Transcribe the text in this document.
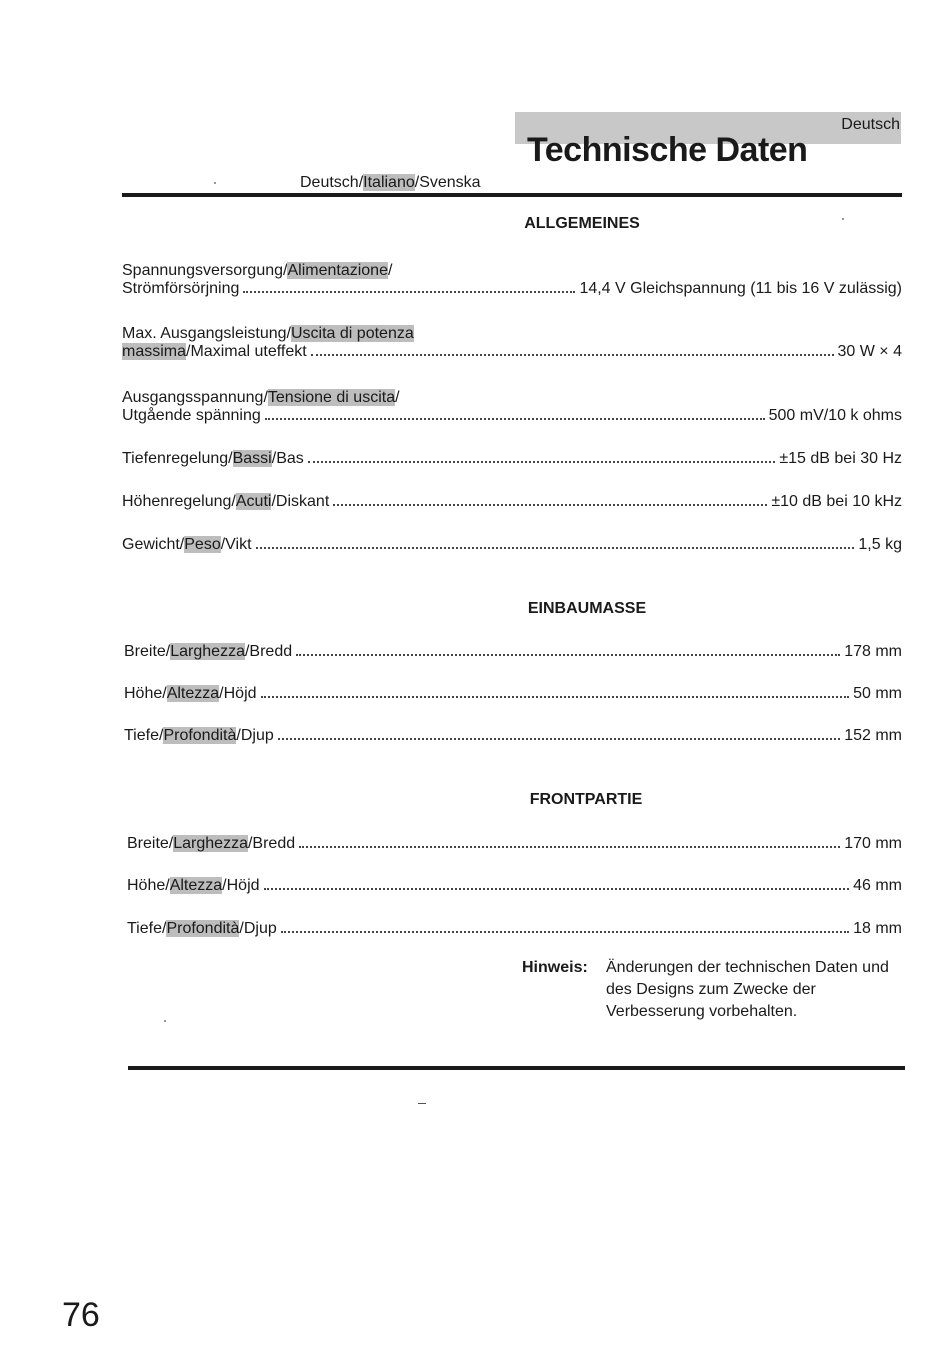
Deutsch/Italiano/Svenska
Deutsch
Technische Daten
ALLGEMEINES
Spannungsversorgung/Alimentazione/
Strömförsörjning	14,4 V Gleichspannung (11 bis 16 V zulässig)
Max. Ausgangsleistung/Uscita di potenza
massima/Maximal uteffekt	30 W × 4
Ausgangsspannung/Tensione di uscita/
Utgående spänning	500 mV/10 k ohms
Tiefenregelung/Bassi/Bas	±15 dB bei 30 Hz
Höhenregelung/Acuti/Diskant	±10 dB bei 10 kHz
Gewicht/Peso/Vikt	1,5 kg
EINBAUMASSE
Breite/Larghezza/Bredd	178 mm
Höhe/Altezza/Höjd	50 mm
Tiefe/Profondità/Djup	152 mm
FRONTPARTIE
Breite/Larghezza/Bredd	170 mm
Höhe/Altezza/Höjd	46 mm
Tiefe/Profondità/Djup	18 mm
Hinweis: Änderungen der technischen Daten und des Designs zum Zwecke der Verbesserung vorbehalten.
76
